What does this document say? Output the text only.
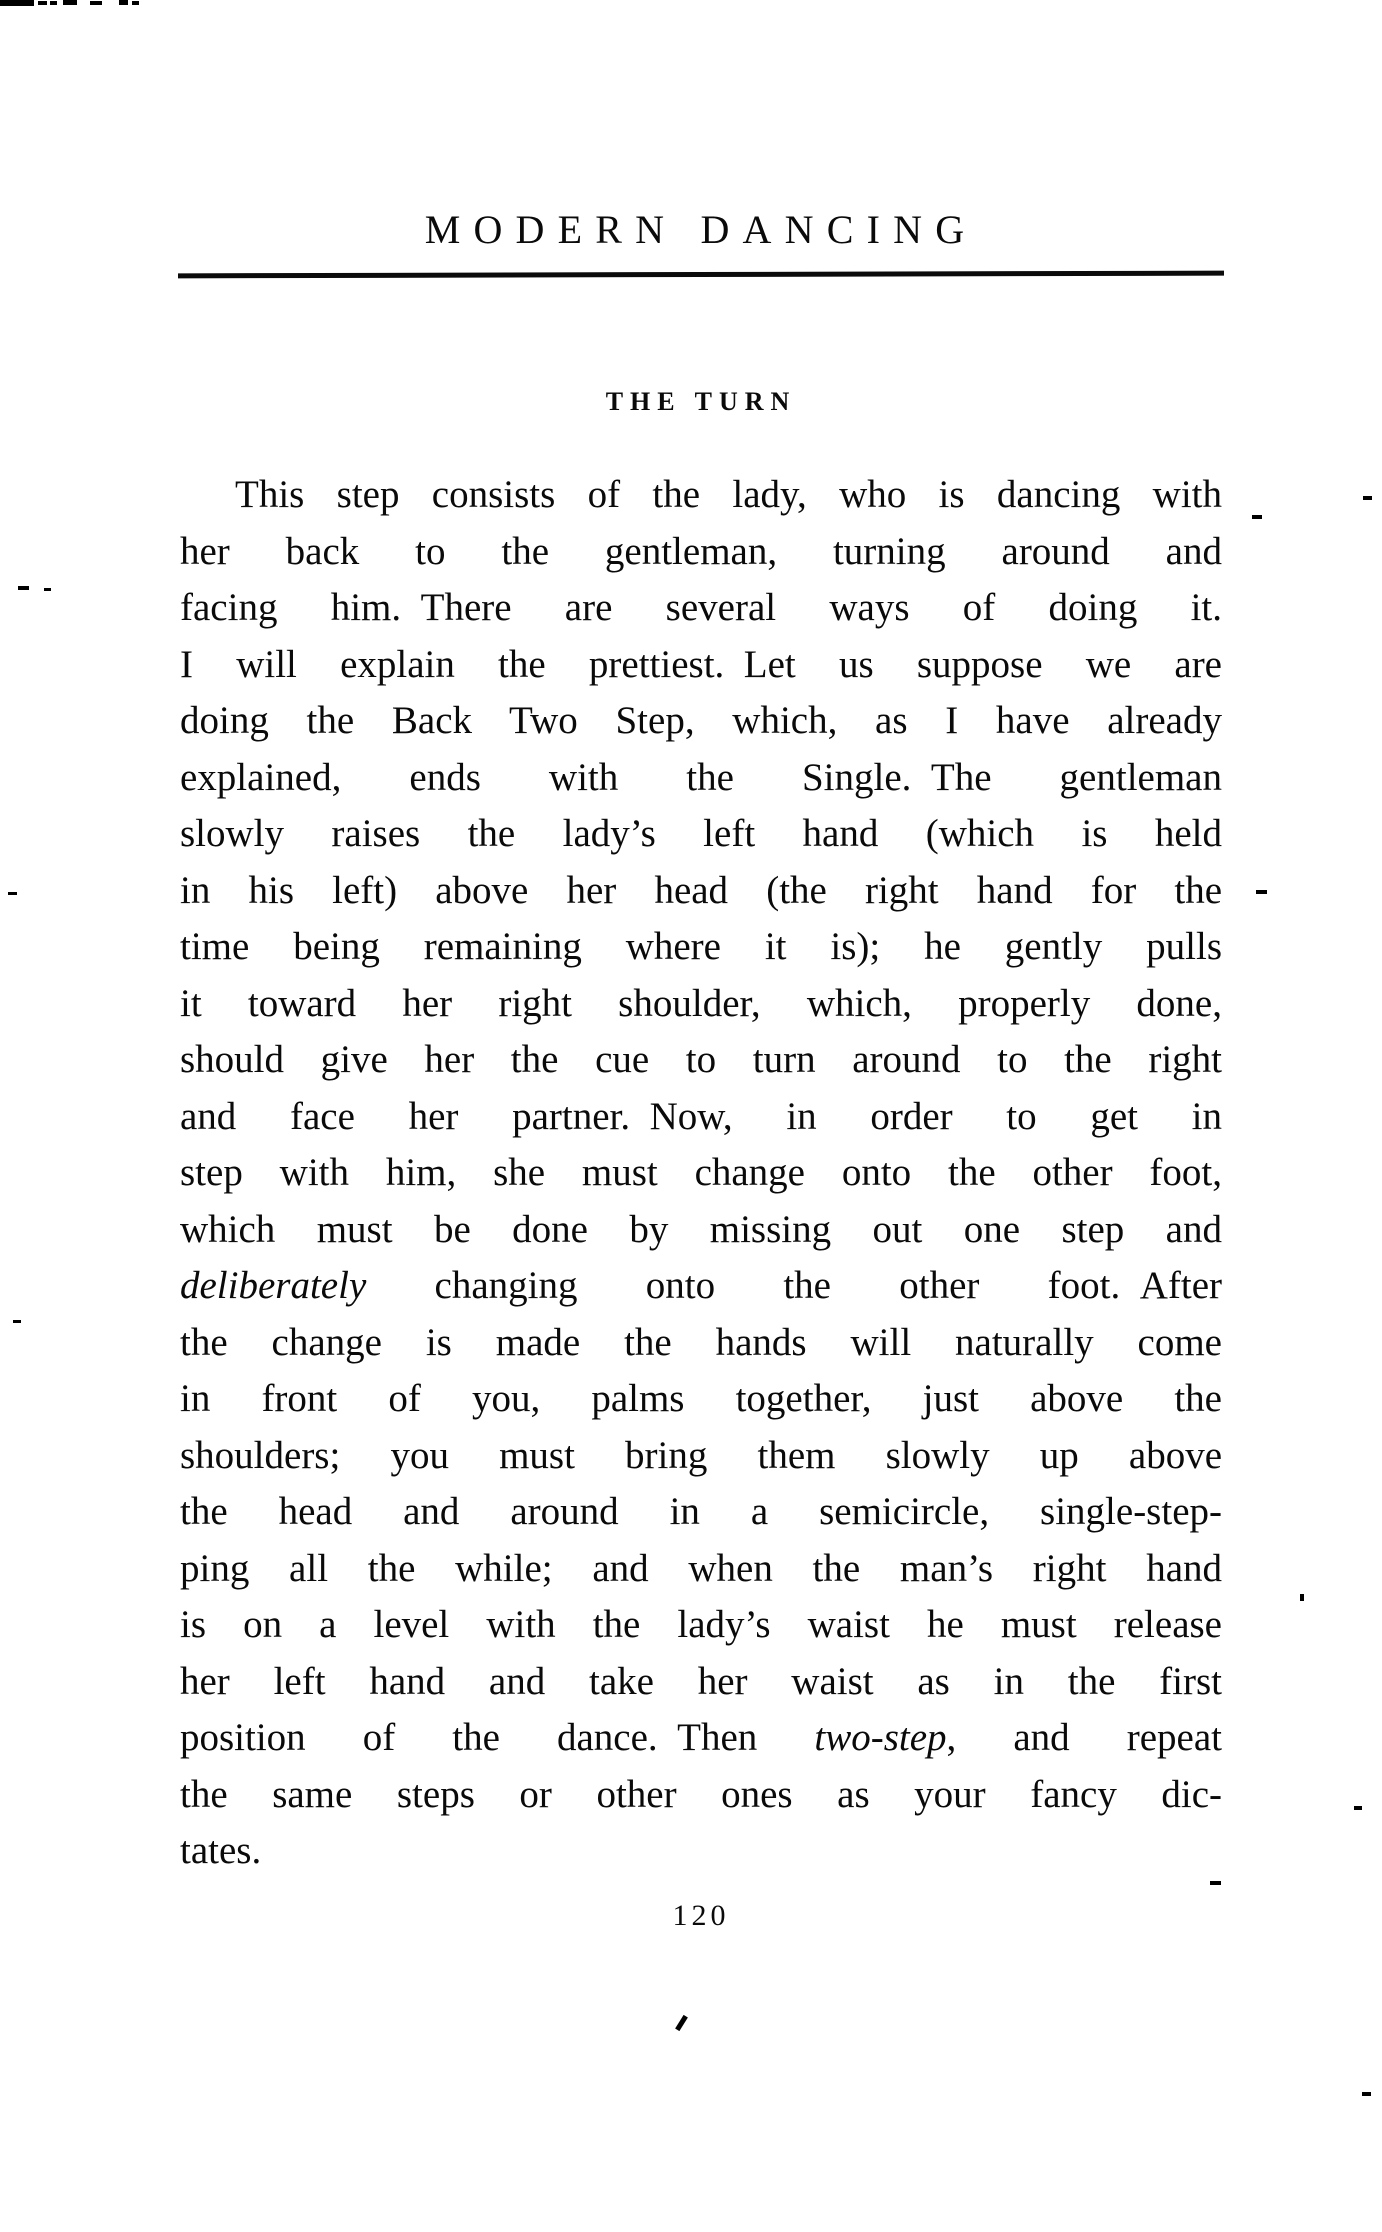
MODERN DANCING
THE TURN
This step consists of the lady, who is dancing with
her back to the gentleman, turning around and
facing him. There are several ways of doing it.
I will explain the prettiest. Let us suppose we are
doing the Back Two Step, which, as I have already
explained, ends with the Single. The gentleman
slowly raises the lady’s left hand (which is held
in his left) above her head (the right hand for the
time being remaining where it is); he gently pulls
it toward her right shoulder, which, properly done,
should give her the cue to turn around to the right
and face her partner. Now, in order to get in
step with him, she must change onto the other foot,
which must be done by missing out one step and
deliberately changing onto the other foot. After
the change is made the hands will naturally come
in front of you, palms together, just above the
shoulders; you must bring them slowly up above
the head and around in a semicircle, single-step-
ping all the while; and when the man’s right hand
is on a level with the lady’s waist he must release
her left hand and take her waist as in the first
position of the dance. Then two-step, and repeat
the same steps or other ones as your fancy dic-
tates.
120
